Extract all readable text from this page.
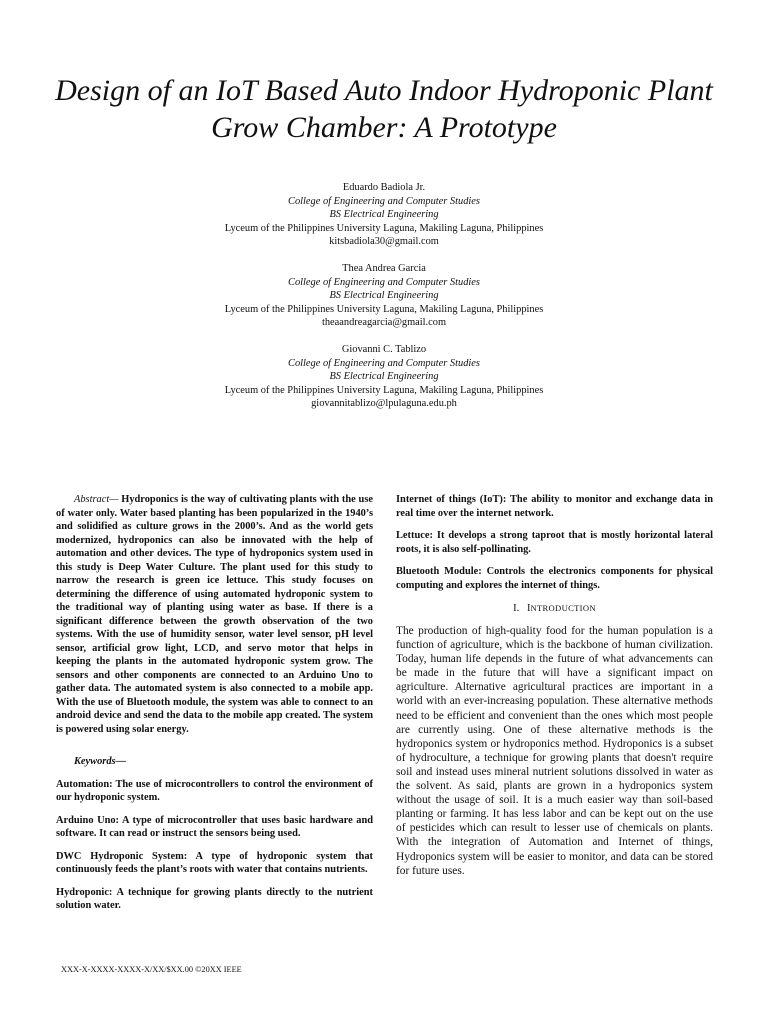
Design of an IoT Based Auto Indoor Hydroponic Plant Grow Chamber: A Prototype
Eduardo Badiola Jr.
College of Engineering and Computer Studies
BS Electrical Engineering
Lyceum of the Philippines University Laguna, Makiling Laguna, Philippines
kitsbadiola30@gmail.com
Thea Andrea Garcia
College of Engineering and Computer Studies
BS Electrical Engineering
Lyceum of the Philippines University Laguna, Makiling Laguna, Philippines
theaandreagarcia@gmail.com
Giovanni C. Tablizo
College of Engineering and Computer Studies
BS Electrical Engineering
Lyceum of the Philippines University Laguna, Makiling Laguna, Philippines
giovannitablizo@lpulaguna.edu.ph

Abstract— Hydroponics is the way of cultivating plants with the use of water only. Water based planting has been popularized in the 1940’s and solidified as culture grows in the 2000’s. And as the world gets modernized, hydroponics can also be innovated with the help of automation and other devices. The type of hydroponics system used in this study is Deep Water Culture. The plant used for this study to narrow the research is green ice lettuce. This study focuses on determining the difference of using automated hydroponic system to the traditional way of planting using water as base. If there is a significant difference between the growth observation of the two systems. With the use of humidity sensor, water level sensor, pH level sensor, artificial grow light, LCD, and servo motor that helps in keeping the plants in the automated hydroponic system grow. The sensors and other components are connected to an Arduino Uno to gather data. The automated system is also connected to a mobile app. With the use of Bluetooth module, the system was able to connect to an android device and send the data to the mobile app created. The system is powered using solar energy.

Keywords—

Automation: The use of microcontrollers to control the environment of our hydroponic system.

Arduino Uno: A type of microcontroller that uses basic hardware and software. It can read or instruct the sensors being used.

DWC Hydroponic System: A type of hydroponic system that continuously feeds the plant’s roots with water that contains nutrients.

Hydroponic: A technique for growing plants directly to the nutrient solution water.

Internet of things (IoT): The ability to monitor and exchange data in real time over the internet network.

Lettuce: It develops a strong taproot that is mostly horizontal lateral roots, it is also self-pollinating.

Bluetooth Module: Controls the electronics components for physical computing and explores the internet of things.

I. INTRODUCTION

The production of high-quality food for the human population is a function of agriculture, which is the backbone of human civilization. Today, human life depends in the future of what advancements can be made in the future that will have a significant impact on agriculture. Alternative agricultural practices are important in a world with an ever-increasing population. These alternative methods need to be efficient and convenient than the ones which most people are currently using. One of these alternative methods is the hydroponics system or hydroponics method. Hydroponics is a subset of hydroculture, a technique for growing plants that doesn't require soil and instead uses mineral nutrient solutions dissolved in water as the solvent. As said, plants are grown in a hydroponics system without the usage of soil. It is a much easier way than soil-based planting or farming. It has less labor and can be kept out on the use of pesticides which can result to lesser use of chemicals on plants. With the integration of Automation and Internet of things, Hydroponics system will be easier to monitor, and data can be stored for future uses.

XXX-X-XXXX-XXXX-X/XX/$XX.00 ©20XX IEEE
